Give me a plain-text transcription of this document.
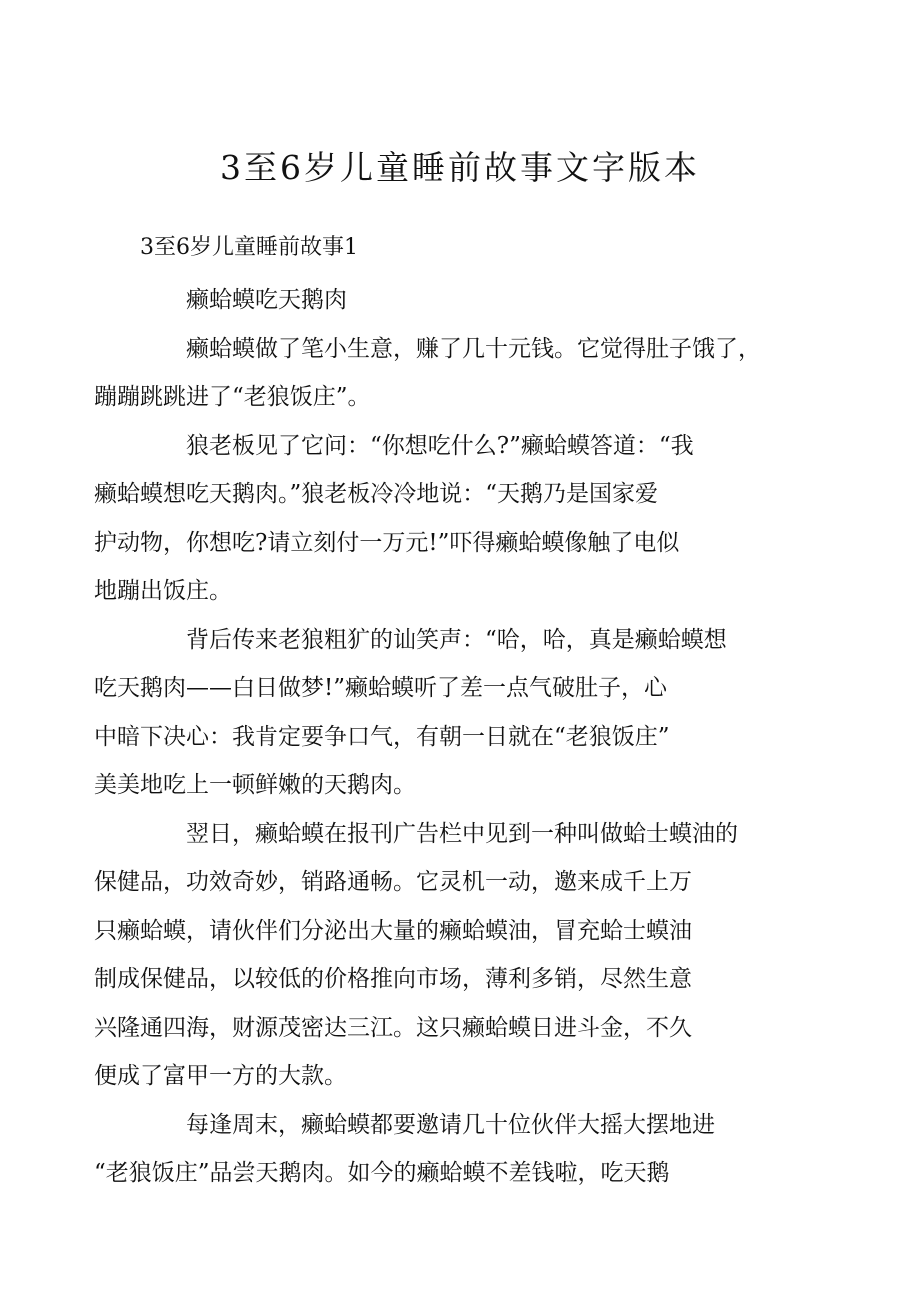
3至6岁儿童睡前故事文字版本
3至6岁儿童睡前故事1

癞蛤蟆吃天鹅肉

癞蛤蟆做了笔小生意，赚了几十元钱。它觉得肚子饿了，
蹦蹦跳跳进了“老狼饭庄”。

狼老板见了它问：“你想吃什么?”癞蛤蟆答道：“我
癞蛤蟆想吃天鹅肉。”狼老板冷冷地说：“天鹅乃是国家爱
护动物，你想吃?请立刻付一万元!”吓得癞蛤蟆像触了电似
地蹦出饭庄。

背后传来老狼粗犷的讪笑声：“哈，哈，真是癞蛤蟆想
吃天鹅肉——白日做梦!”癞蛤蟆听了差一点气破肚子，心
中暗下决心：我肯定要争口气，有朝一日就在“老狼饭庄”
美美地吃上一顿鲜嫩的天鹅肉。

翌日，癞蛤蟆在报刊广告栏中见到一种叫做蛤士蟆油的
保健品，功效奇妙，销路通畅。它灵机一动，邀来成千上万
只癞蛤蟆，请伙伴们分泌出大量的癞蛤蟆油，冒充蛤士蟆油
制成保健品，以较低的价格推向市场，薄利多销，尽然生意
兴隆通四海，财源茂密达三江。这只癞蛤蟆日进斗金，不久
便成了富甲一方的大款。

每逢周末，癞蛤蟆都要邀请几十位伙伴大摇大摆地进
“老狼饭庄”品尝天鹅肉。如今的癞蛤蟆不差钱啦，吃天鹅
